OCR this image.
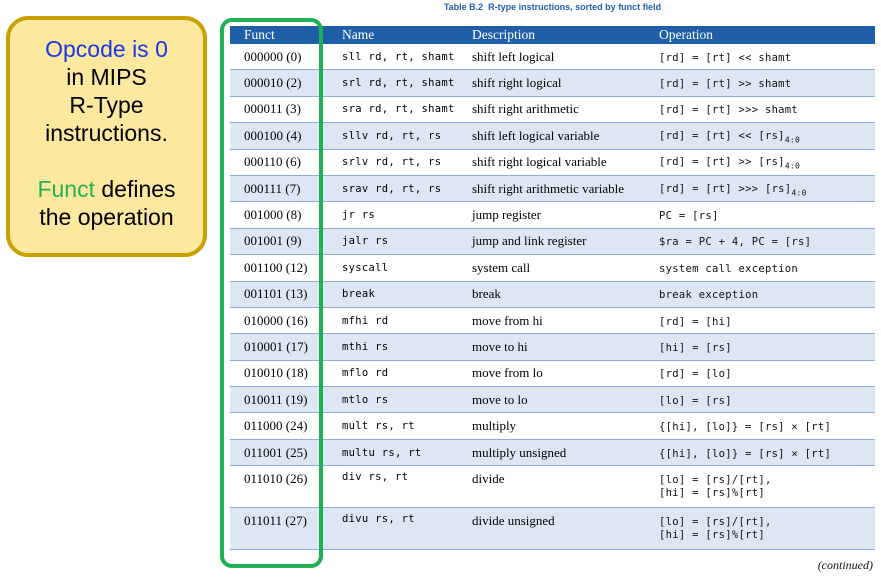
Opcode is 0
in MIPS
R-Type
instructions.
Funct defines
the operation
Table B.2 R-type instructions, sorted by funct field
Funct	Name	Description	Operation
000000 (0)	sll rd, rt, shamt	shift left logical	[rd] = [rt] << shamt
000010 (2)	srl rd, rt, shamt	shift right logical	[rd] = [rt] >> shamt
000011 (3)	sra rd, rt, shamt	shift right arithmetic	[rd] = [rt] >>> shamt
000100 (4)	sllv rd, rt, rs	shift left logical variable	$[rd] = [rt] << [rs]_{4:0}$
000110 (6)	srlv rd, rt, rs	shift right logical variable	$[rd] = [rt] >> [rs]_{4:0}$
000111 (7)	srav rd, rt, rs	shift right arithmetic variable	[rd] = [rt] >>> $[rs]_{4:0}$
001000 (8)	jr rs	jump register	PC = [rs]
001001 (9)	jalr rs	jump and link register	$ra = PC + 4, PC = [rs]
001100 (12)	syscall	system call	system call exception
001101 (13)	break	break	break exception
010000 (16)	mfhi rd	move from hi	[rd] = [hi]
010001 (17)	mthi rs	move to hi	[hi] = [rs]
010010 (18)	mflo rd	move from lo	[rd] = [lo]
010011 (19)	mtlo rs	move to lo	[lo] = [rs]
011000 (24)	mult rs, rt	multiply	{[hi], [lo]} = [rs] × [rt]
011001 (25)	multu rs, rt	multiply unsigned	{[hi], [lo]} = [rs] × [rt]
011010 (26)	div rs, rt	divide	[lo] = [rs]/[rt],
[hi] = [rs]%[rt]

011011 (27)	divu rs, rt	divide unsigned	[lo] = [rs]/[rt],
[hi] = [rs]%[rt]
(continued)
